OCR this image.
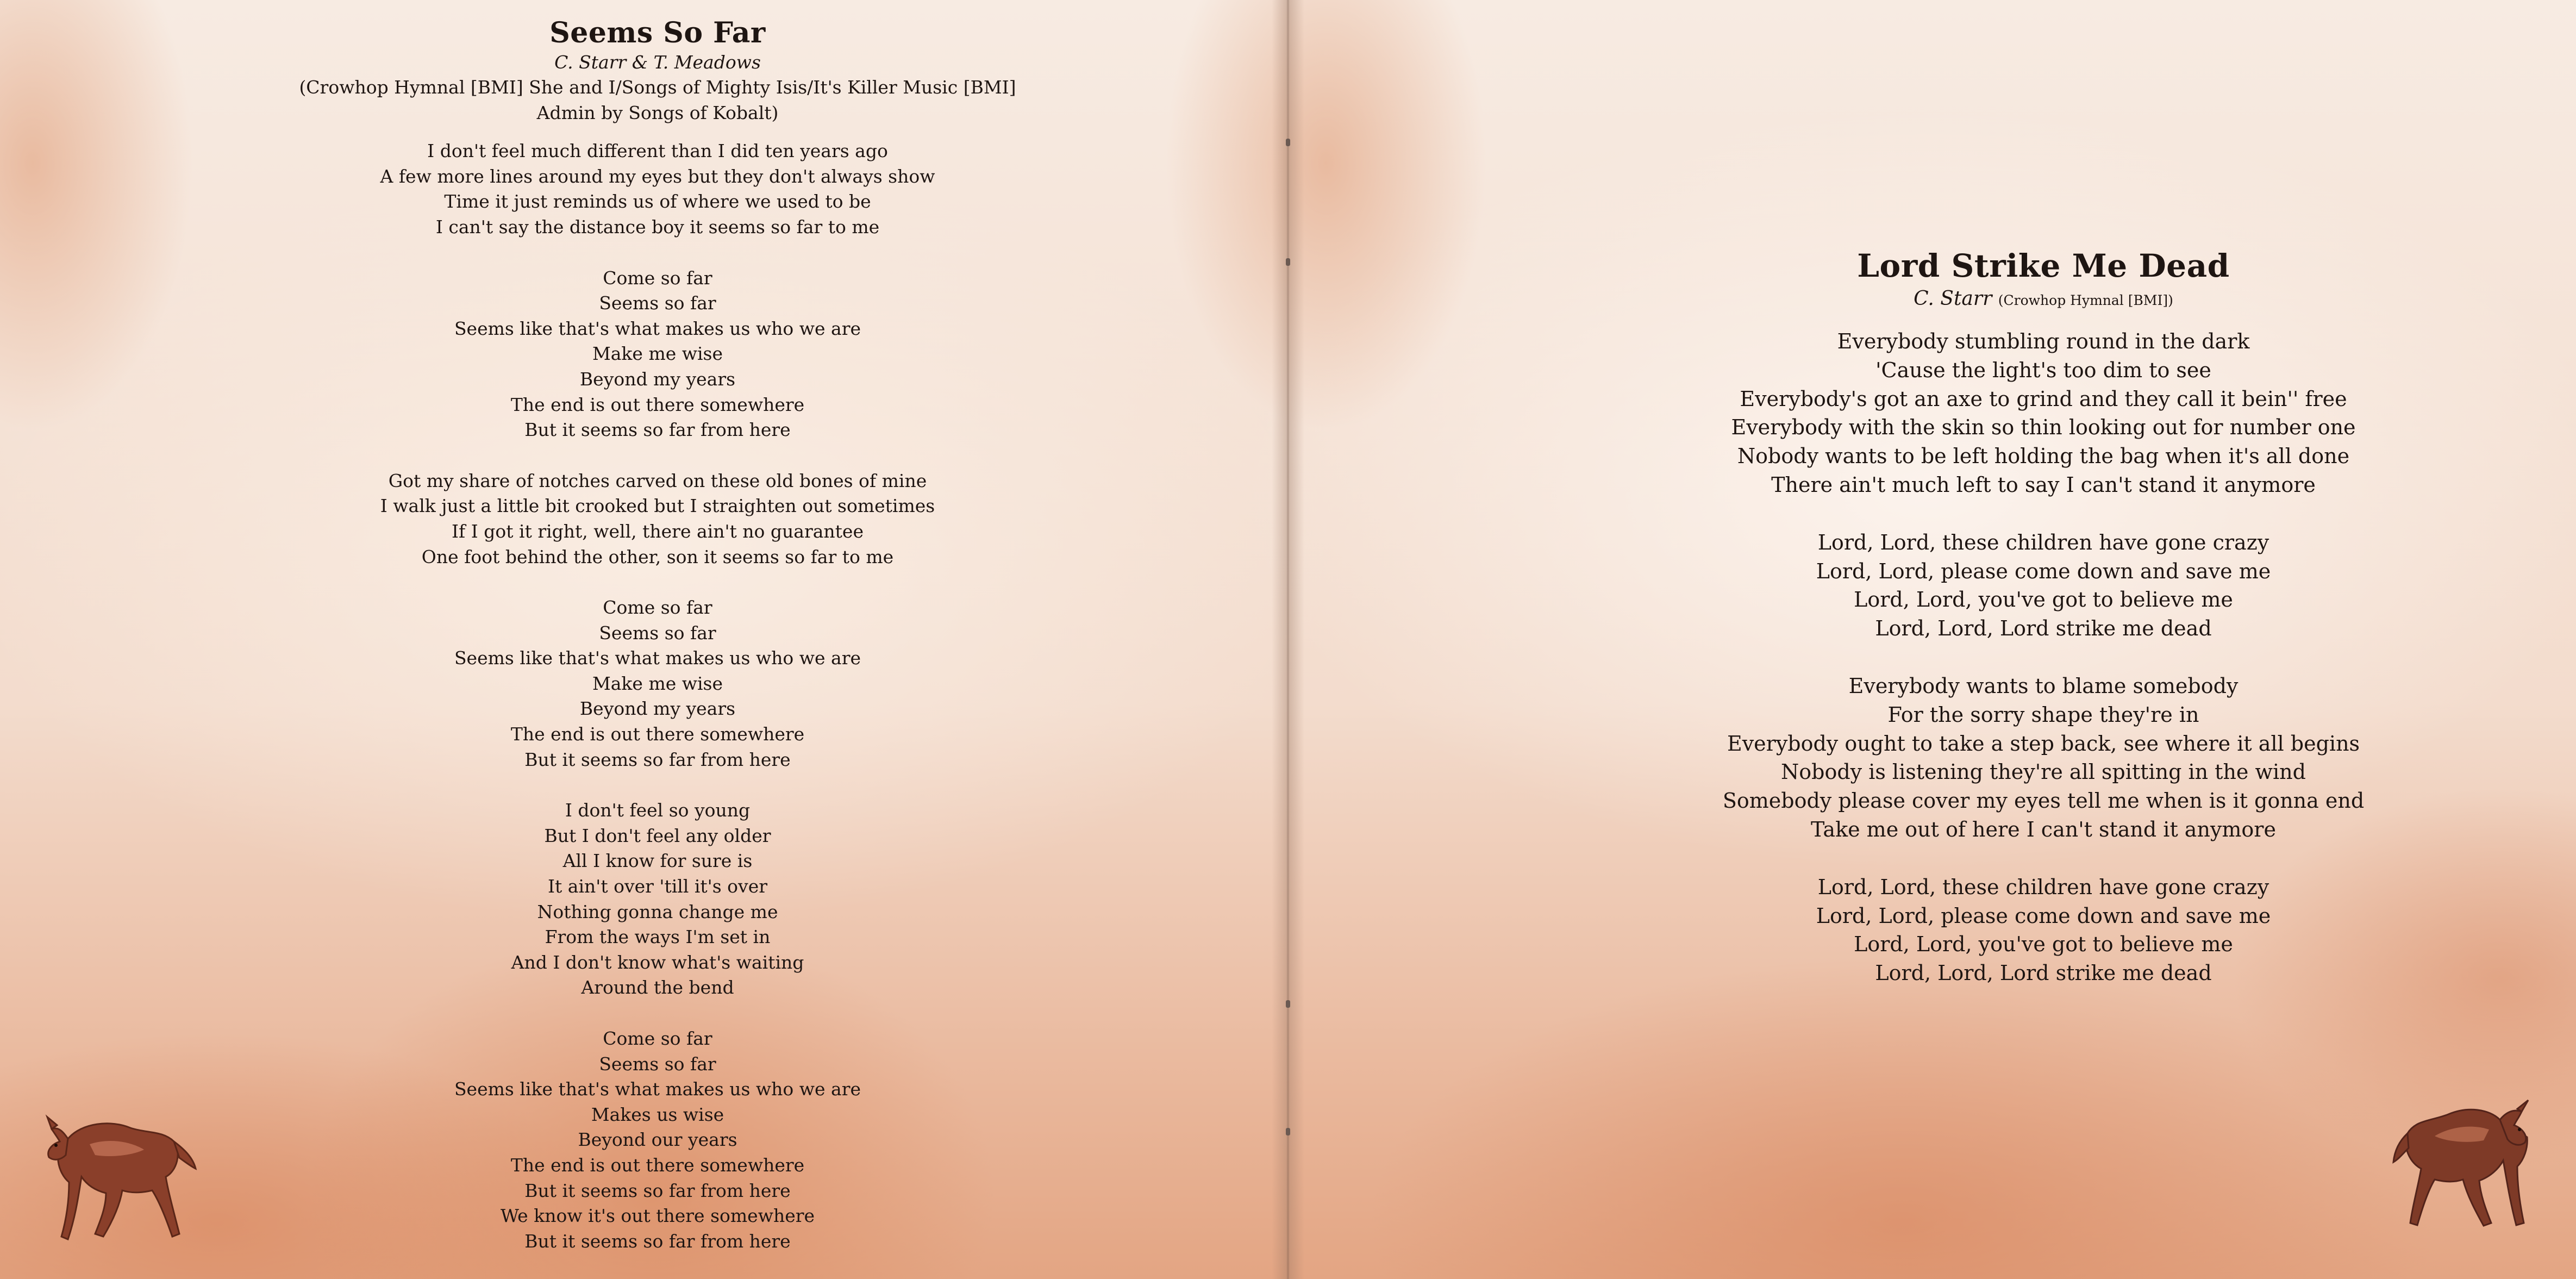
Seems So Far

C. Starr & T. Meadows

(Crowhop Hymnal [BMI] She and I/Songs of Mighty Isis/It's Killer Music [BMI]
Admin by Songs of Kobalt)
I don't feel much different than I did ten years ago
A few more lines around my eyes but they don't always show
Time it just reminds us of where we used to be
I can't say the distance boy it seems so far to me
Come so far
Seems so far
Seems like that's what makes us who we are
Make me wise
Beyond my years
The end is out there somewhere
But it seems so far from here
Got my share of notches carved on these old bones of mine
I walk just a little bit crooked but I straighten out sometimes
If I got it right, well, there ain't no guarantee
One foot behind the other, son it seems so far to me
Come so far
Seems so far
Seems like that's what makes us who we are
Make me wise
Beyond my years
The end is out there somewhere
But it seems so far from here
I don't feel so young
But I don't feel any older
All I know for sure is
It ain't over 'till it's over
Nothing gonna change me
From the ways I'm set in
And I don't know what's waiting
Around the bend
Come so far
Seems so far
Seems like that's what makes us who we are
Makes us wise
Beyond our years
The end is out there somewhere
But it seems so far from here
We know it's out there somewhere
But it seems so far from here
Lord Strike Me Dead

C. Starr (Crowhop Hymnal [BMI])

Everybody stumbling round in the dark
'Cause the light's too dim to see
Everybody's got an axe to grind and they call it bein'' free
Everybody with the skin so thin looking out for number one
Nobody wants to be left holding the bag when it's all done
There ain't much left to say I can't stand it anymore
Lord, Lord, these children have gone crazy
Lord, Lord, please come down and save me
Lord, Lord, you've got to believe me
Lord, Lord, Lord strike me dead
Everybody wants to blame somebody
For the sorry shape they're in
Everybody ought to take a step back, see where it all begins
Nobody is listening they're all spitting in the wind
Somebody please cover my eyes tell me when is it gonna end
Take me out of here I can't stand it anymore
Lord, Lord, these children have gone crazy
Lord, Lord, please come down and save me
Lord, Lord, you've got to believe me
Lord, Lord, Lord strike me dead
